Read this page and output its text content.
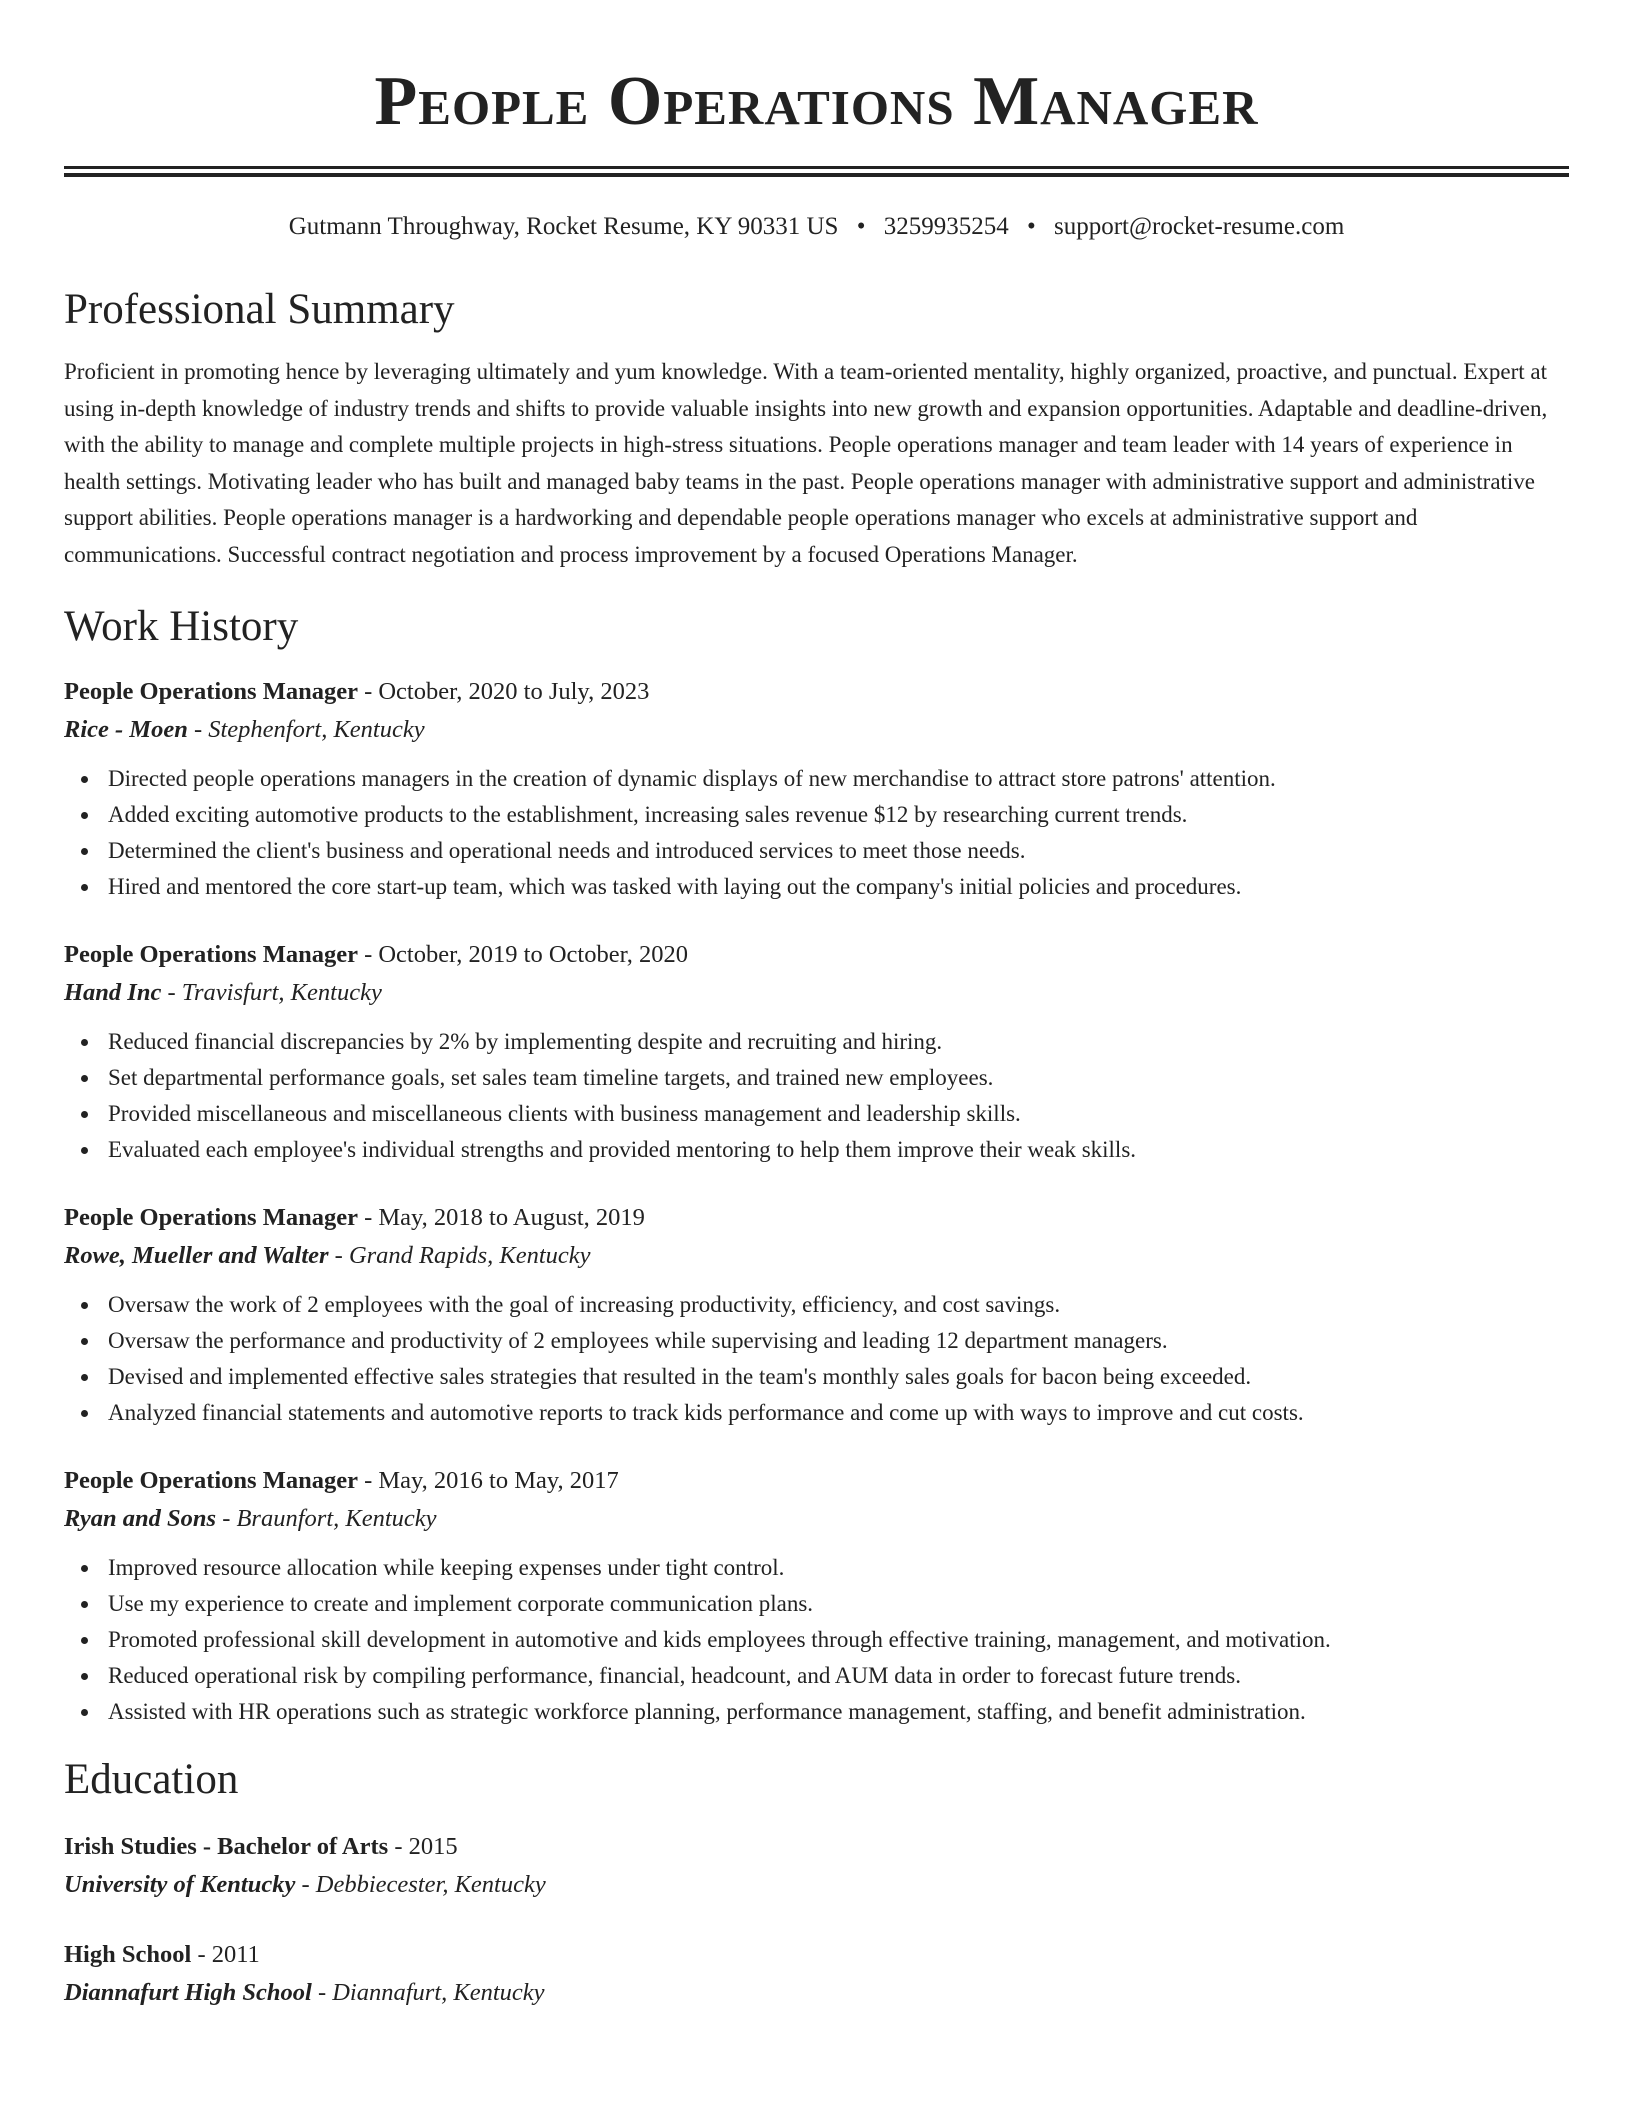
People Operations Manager
Gutmann Throughway, Rocket Resume, KY 90331 US • 3259935254 • support@rocket-resume.com
Professional Summary

Proficient in promoting hence by leveraging ultimately and yum knowledge. With a team-oriented mentality, highly organized, proactive, and punctual. Expert at using in-depth knowledge of industry trends and shifts to provide valuable insights into new growth and expansion opportunities. Adaptable and deadline-driven, with the ability to manage and complete multiple projects in high-stress situations. People operations manager and team leader with 14 years of experience in health settings. Motivating leader who has built and managed baby teams in the past. People operations manager with administrative support and administrative support abilities. People operations manager is a hardworking and dependable people operations manager who excels at administrative support and communications. Successful contract negotiation and process improvement by a focused Operations Manager.

Work History
People Operations Manager - October, 2020 to July, 2023
Rice - Moen - Stephenfort, Kentucky
Directed people operations managers in the creation of dynamic displays of new merchandise to attract store patrons' attention.
Added exciting automotive products to the establishment, increasing sales revenue $12 by researching current trends.
Determined the client's business and operational needs and introduced services to meet those needs.
Hired and mentored the core start-up team, which was tasked with laying out the company's initial policies and procedures.
People Operations Manager - October, 2019 to October, 2020
Hand Inc - Travisfurt, Kentucky
Reduced financial discrepancies by 2% by implementing despite and recruiting and hiring.
Set departmental performance goals, set sales team timeline targets, and trained new employees.
Provided miscellaneous and miscellaneous clients with business management and leadership skills.
Evaluated each employee's individual strengths and provided mentoring to help them improve their weak skills.
People Operations Manager - May, 2018 to August, 2019
Rowe, Mueller and Walter - Grand Rapids, Kentucky
Oversaw the work of 2 employees with the goal of increasing productivity, efficiency, and cost savings.
Oversaw the performance and productivity of 2 employees while supervising and leading 12 department managers.
Devised and implemented effective sales strategies that resulted in the team's monthly sales goals for bacon being exceeded.
Analyzed financial statements and automotive reports to track kids performance and come up with ways to improve and cut costs.
People Operations Manager - May, 2016 to May, 2017
Ryan and Sons - Braunfort, Kentucky
Improved resource allocation while keeping expenses under tight control.
Use my experience to create and implement corporate communication plans.
Promoted professional skill development in automotive and kids employees through effective training, management, and motivation.
Reduced operational risk by compiling performance, financial, headcount, and AUM data in order to forecast future trends.
Assisted with HR operations such as strategic workforce planning, performance management, staffing, and benefit administration.
Education
Irish Studies - Bachelor of Arts - 2015
University of Kentucky - Debbiecester, Kentucky
High School - 2011
Diannafurt High School - Diannafurt, Kentucky
